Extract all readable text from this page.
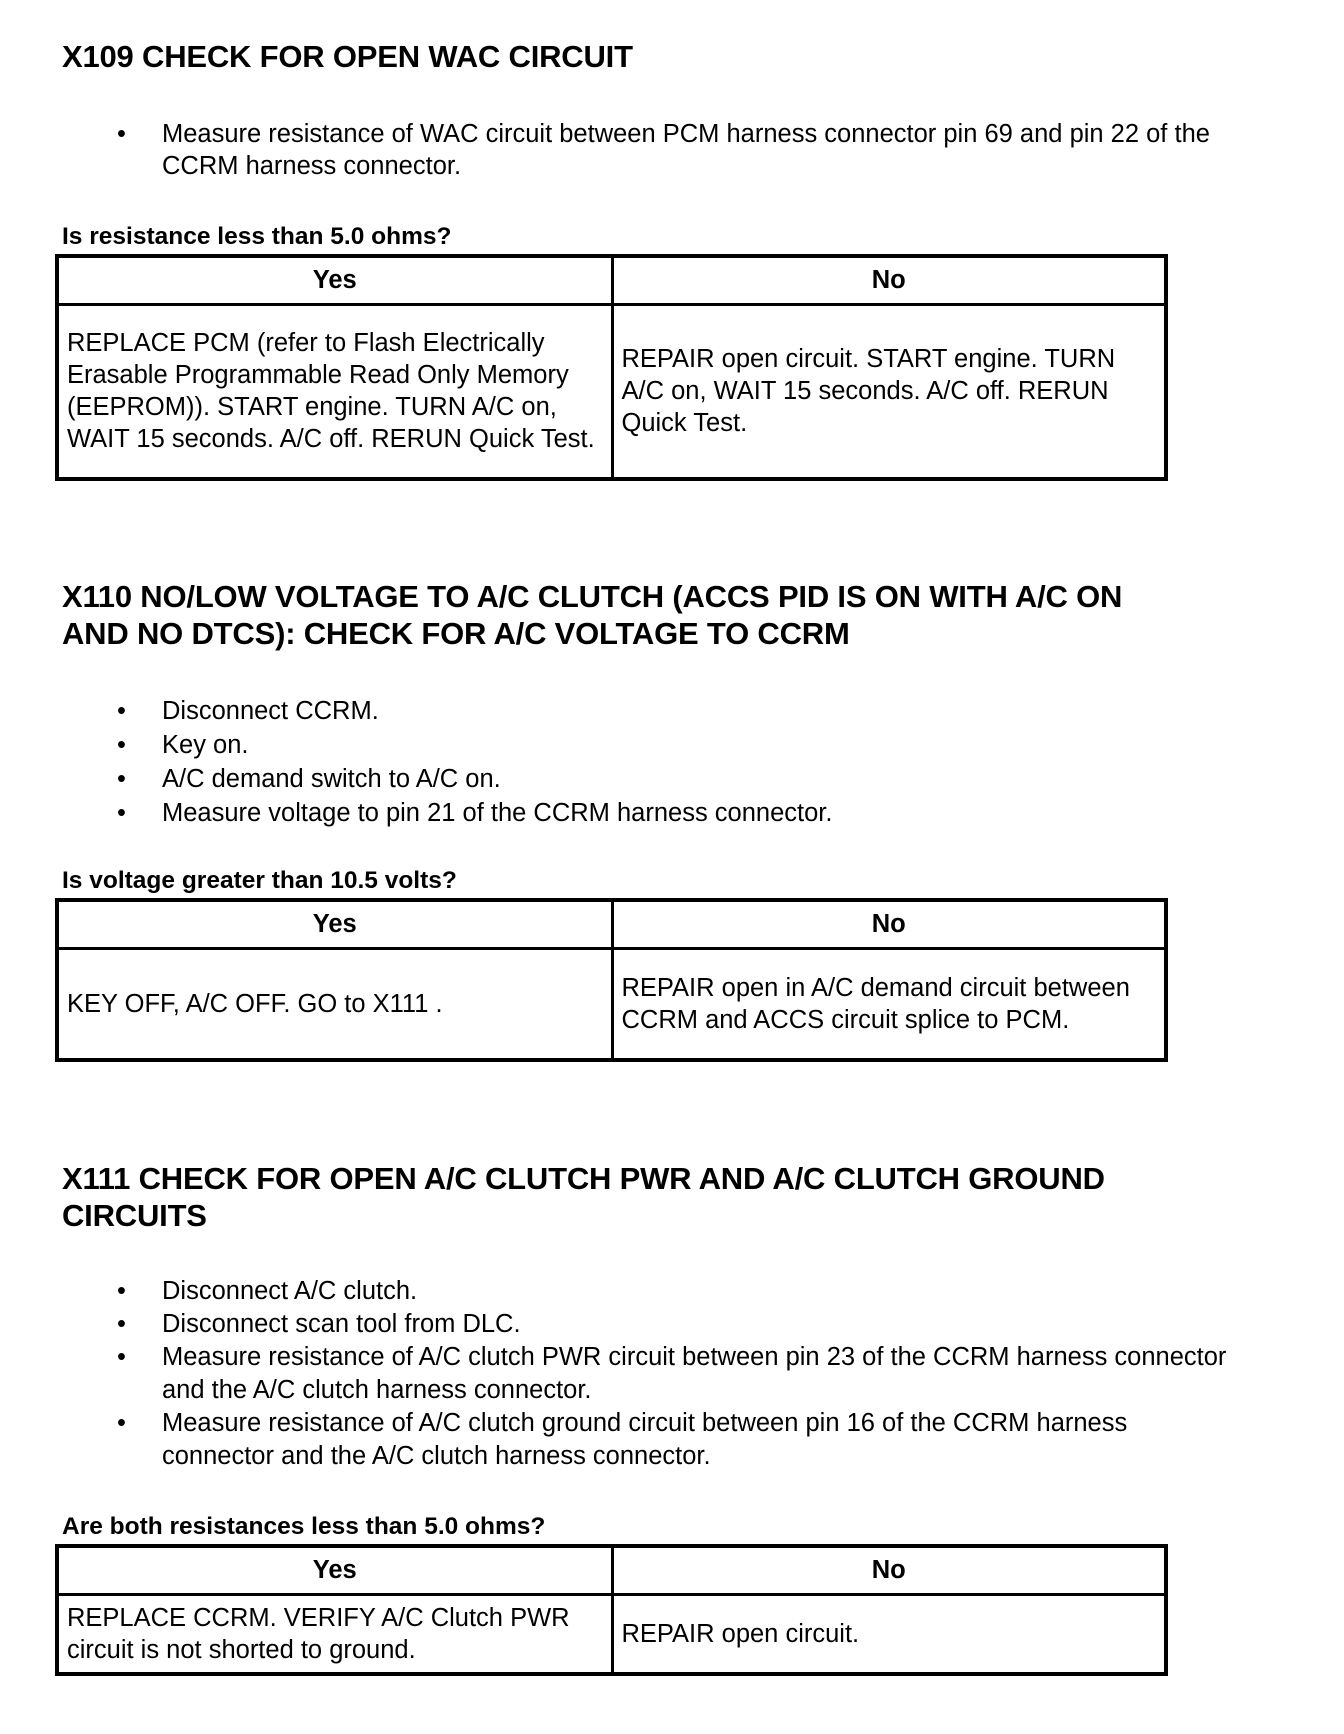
X109 CHECK FOR OPEN WAC CIRCUIT
• Measure resistance of WAC circuit between PCM harness connector pin 69 and pin 22 of the CCRM harness connector.
Is resistance less than 5.0 ohms?
Yes	No
REPLACE PCM (refer to Flash Electrically Erasable Programmable Read Only Memory (EEPROM)). START engine. TURN A/C on, WAIT 15 seconds. A/C off. RERUN Quick Test.	REPAIR open circuit. START engine. TURN A/C on, WAIT 15 seconds. A/C off. RERUN Quick Test.
X110 NO/LOW VOLTAGE TO A/C CLUTCH (ACCS PID IS ON WITH A/C ON
AND NO DTCS): CHECK FOR A/C VOLTAGE TO CCRM
• Disconnect CCRM.
• Key on.
• A/C demand switch to A/C on.
• Measure voltage to pin 21 of the CCRM harness connector.
Is voltage greater than 10.5 volts?
Yes	No
KEY OFF, A/C OFF. GO to X111 .	REPAIR open in A/C demand circuit between CCRM and ACCS circuit splice to PCM.
X111 CHECK FOR OPEN A/C CLUTCH PWR AND A/C CLUTCH GROUND
CIRCUITS
• Disconnect A/C clutch.
• Disconnect scan tool from DLC.
• Measure resistance of A/C clutch PWR circuit between pin 23 of the CCRM harness connector and the A/C clutch harness connector.
• Measure resistance of A/C clutch ground circuit between pin 16 of the CCRM harness connector and the A/C clutch harness connector.
Are both resistances less than 5.0 ohms?
Yes	No
REPLACE CCRM. VERIFY A/C Clutch PWR circuit is not shorted to ground.	REPAIR open circuit.
